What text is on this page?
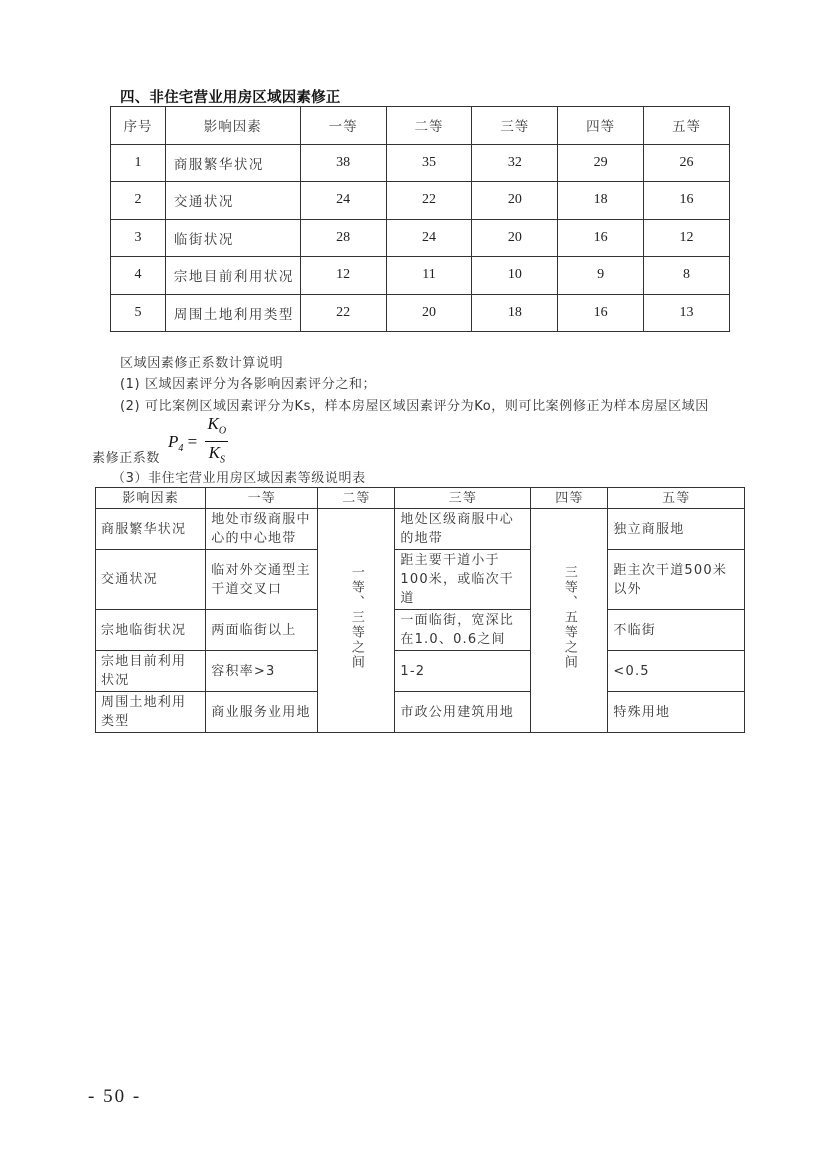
四、非住宅营业用房区域因素修正
序号	影响因素	一等	二等	三等	四等	五等
1	商服繁华状况	38	35	32	29	26
2	交通状况	24	22	20	18	16
3	临街状况	28	24	20	16	12
4	宗地目前利用状况	12	11	10	9	8
5	周围土地利用类型	22	20	18	16	13
区域因素修正系数计算说明
(1) 区域因素评分为各影响因素评分之和；
(2) 可比案例区域因素评分为Ks，样本房屋区域因素评分为Ko，则可比案例修正为样本房屋区域因
$P_4 = \frac{K_O}{K_S}$
素修正系数
（3）非住宅营业用房区域因素等级说明表
影响因素	一等	二等	三等	四等	五等
商服繁华状况	地处市级商服中心的中心地带	一等、三等之间	地处区级商服中心的地带	三等、五等之间	独立商服地
交通状况	临对外交通型主干道交叉口		距主要干道小于100米，或临次干道		距主次干道500米以外
宗地临街状况	两面临街以上		一面临街，宽深比在1.0、0.6之间		不临街
宗地目前利用状况	容积率>3		1-2		<0.5
周围土地利用类型	商业服务业用地		市政公用建筑用地		特殊用地
- 50 -
